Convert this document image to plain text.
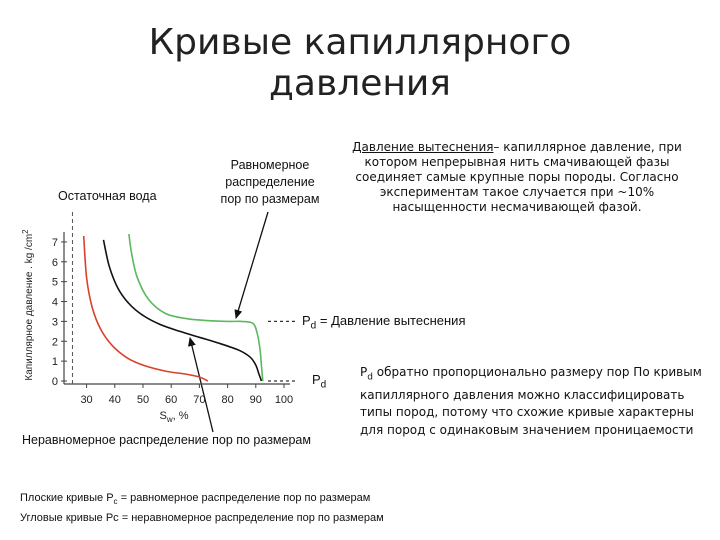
Кривые капиллярного
давления
Остаточная вода
Равномерное
распределение
пор по размерам
Давление вытеснения– капиллярное давление, при котором непрерывная нить смачивающей фазы соединяет самые крупные поры породы. Согласно экспериментам такое случается при ~10% насыщенности несмачивающей фазой.
$P_d$ = Давление вытеснения
$P_d$
Неравномерное распределение пор по размерам
$P_d$ обратно пропорционально размеру пор По кривым капиллярного давления можно классифицировать типы пород, потому что схожие кривые характерны для пород с одинаковым значением проницаемости
Плоские кривые $P_c$ = равномерное распределение пор по размерам
Угловые кривые Pc = неравномерное распределение пор по размерам
0
1
2
3
4
5
6
7
30 40 50 60 70 80 90 100
$S_w$, %
Капиллярное давление . kg $/cm^2$
